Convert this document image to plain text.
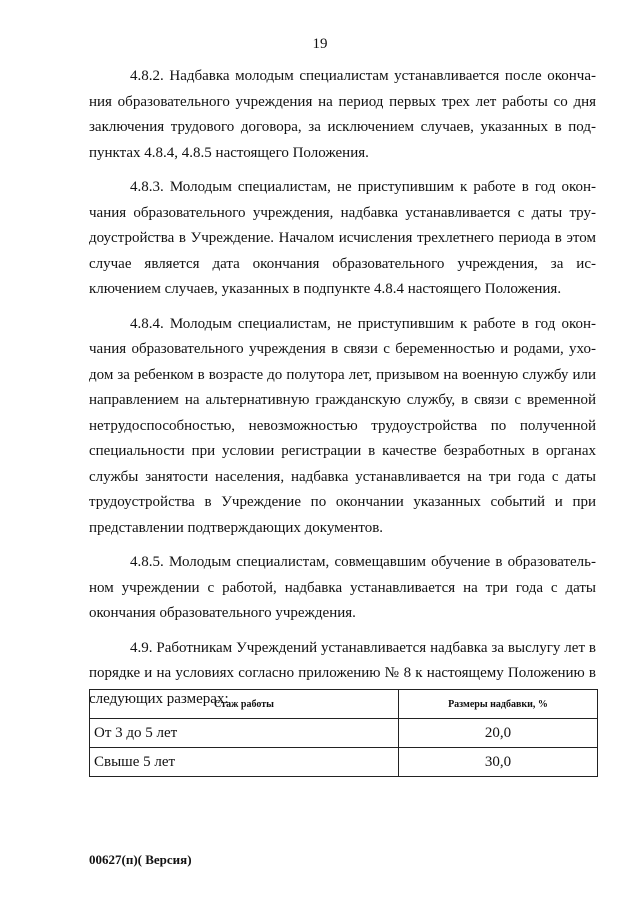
19

4.8.2. Надбавка молодым специалистам устанавливается после окончания образовательного учреждения на период первых трех лет работы со дня заключения трудового договора, за исключением случаев, указанных в подпунктах 4.8.4, 4.8.5 настоящего Положения.

4.8.3. Молодым специалистам, не приступившим к работе в год окончания образовательного учреждения, надбавка устанавливается с даты трудоустройства в Учреждение. Началом исчисления трехлетнего периода в этом случае является дата окончания образовательного учреждения, за исключением случаев, указанных в подпункте 4.8.4 настоящего Положения.

4.8.4. Молодым специалистам, не приступившим к работе в год окончания образовательного учреждения в связи с беременностью и родами, уходом за ребенком в возрасте до полутора лет, призывом на военную службу или направлением на альтернативную гражданскую службу, в связи с временной нетрудоспособностью, невозможностью трудоустройства по полученной специальности при условии регистрации в качестве безработных в органах службы занятости населения, надбавка устанавливается на три года с даты трудоустройства в Учреждение по окончании указанных событий и при представлении подтверждающих документов.

4.8.5. Молодым специалистам, совмещавшим обучение в образовательном учреждении с работой, надбавка устанавливается на три года с даты окончания образовательного учреждения.

4.9. Работникам Учреждений устанавливается надбавка за выслугу лет в порядке и на условиях согласно приложению № 8 к настоящему Положению в следующих размерах:

Стаж работы	Размеры надбавки, %
От 3 до 5 лет	20,0
Свыше 5 лет	30,0
00627(п)( Версия)
